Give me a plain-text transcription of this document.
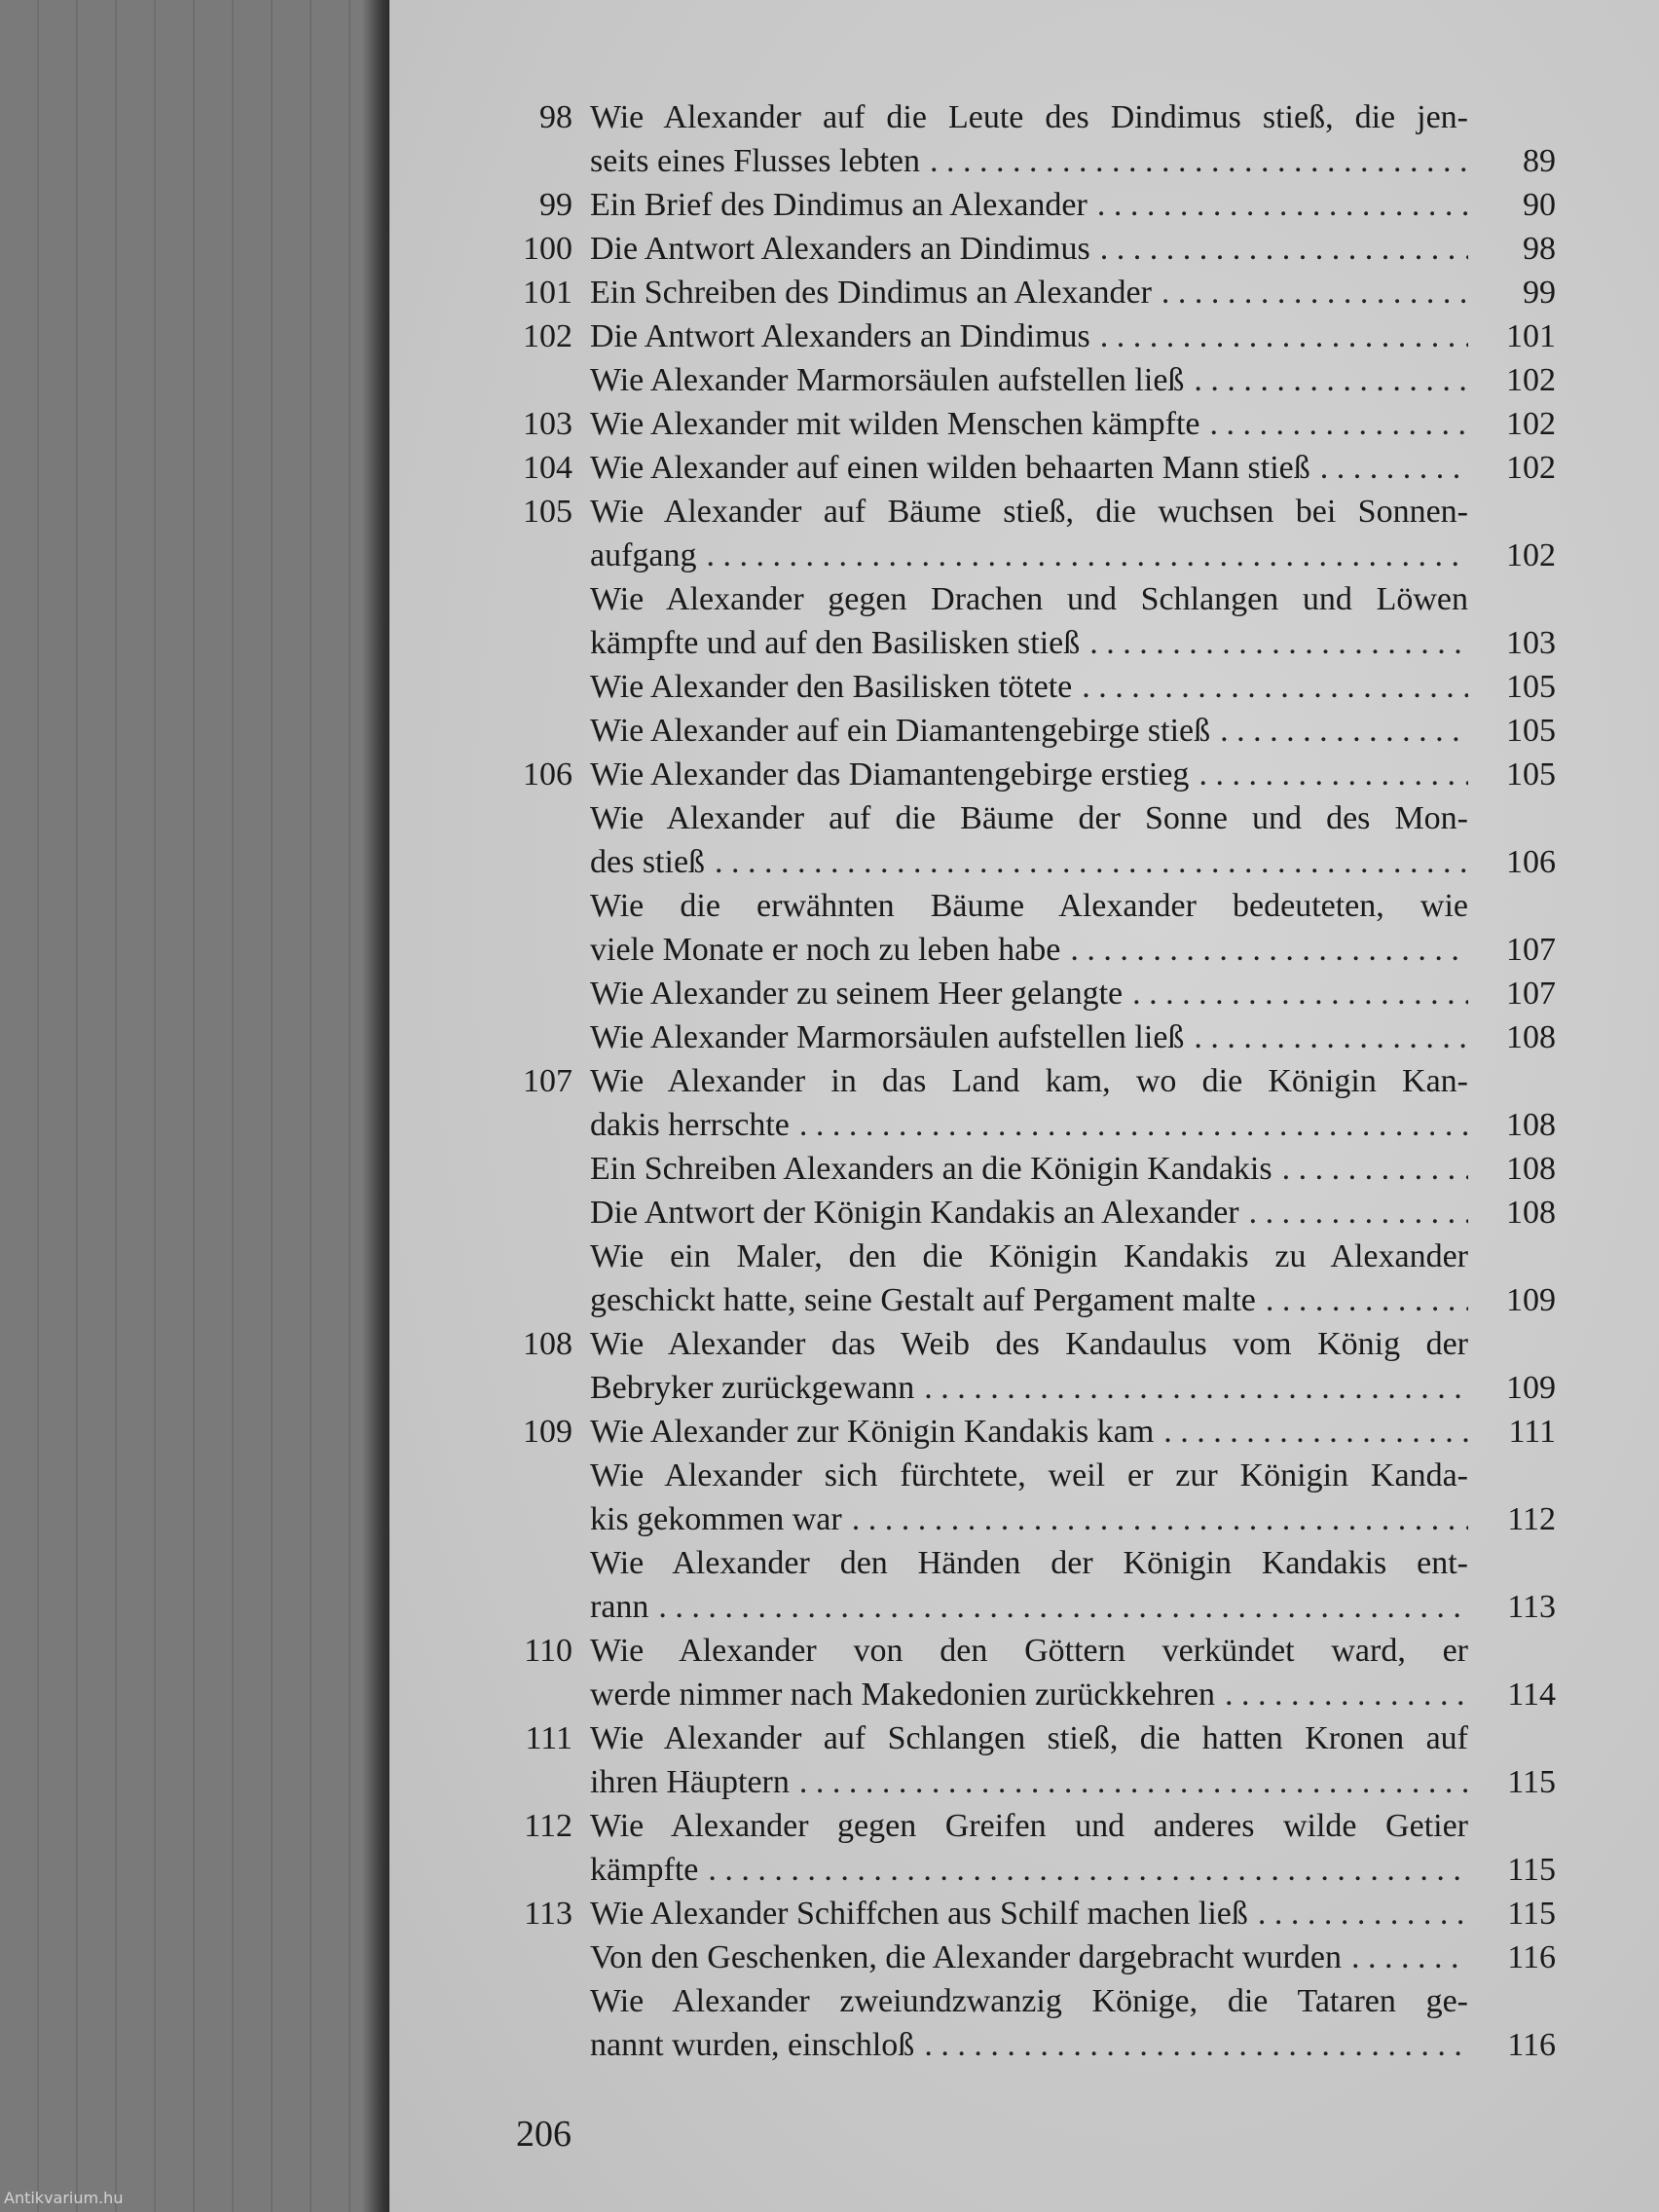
98 Wie Alexander auf die Leute des Dindimus stieß, die jen-
seits eines Flusses lebten . . .	89
99 Ein Brief des Dindimus an Alexander . . .	90
100 Die Antwort Alexanders an Dindimus . . .	98
101 Ein Schreiben des Dindimus an Alexander . . .	99
102 Die Antwort Alexanders an Dindimus . . .	101
Wie Alexander Marmorsäulen aufstellen ließ . . .	102
103 Wie Alexander mit wilden Menschen kämpfte . . .	102
104 Wie Alexander auf einen wilden behaarten Mann stieß . . .	102
105 Wie Alexander auf Bäume stieß, die wuchsen bei Sonnen-
aufgang . . .	102
Wie Alexander gegen Drachen und Schlangen und Löwen
kämpfte und auf den Basilisken stieß . . .	103
Wie Alexander den Basilisken tötete . . .	105
Wie Alexander auf ein Diamantengebirge stieß . . .	105
106 Wie Alexander das Diamantengebirge erstieg . . .	105
Wie Alexander auf die Bäume der Sonne und des Mon-
des stieß . . .	106
Wie die erwähnten Bäume Alexander bedeuteten, wie
viele Monate er noch zu leben habe . . .	107
Wie Alexander zu seinem Heer gelangte . . .	107
Wie Alexander Marmorsäulen aufstellen ließ . . .	108
107 Wie Alexander in das Land kam, wo die Königin Kan-
dakis herrschte . . .	108
Ein Schreiben Alexanders an die Königin Kandakis . . .	108
Die Antwort der Königin Kandakis an Alexander . . .	108
Wie ein Maler, den die Königin Kandakis zu Alexander
geschickt hatte, seine Gestalt auf Pergament malte . . .	109
108 Wie Alexander das Weib des Kandaulus vom König der
Bebryker zurückgewann . . .	109
109 Wie Alexander zur Königin Kandakis kam . . .	111
Wie Alexander sich fürchtete, weil er zur Königin Kanda-
kis gekommen war . . .	112
Wie Alexander den Händen der Königin Kandakis ent-
rann . . .	113
110 Wie Alexander von den Göttern verkündet ward, er
werde nimmer nach Makedonien zurückkehren . . .	114
111 Wie Alexander auf Schlangen stieß, die hatten Kronen auf
ihren Häuptern . . .	115
112 Wie Alexander gegen Greifen und anderes wilde Getier
kämpfte . . .	115
113 Wie Alexander Schiffchen aus Schilf machen ließ . . .	115
Von den Geschenken, die Alexander dargebracht wurden . . .	116
Wie Alexander zweiundzwanzig Könige, die Tataren ge-
nannt wurden, einschloß . . .	116
206
Antikvarium.hu
